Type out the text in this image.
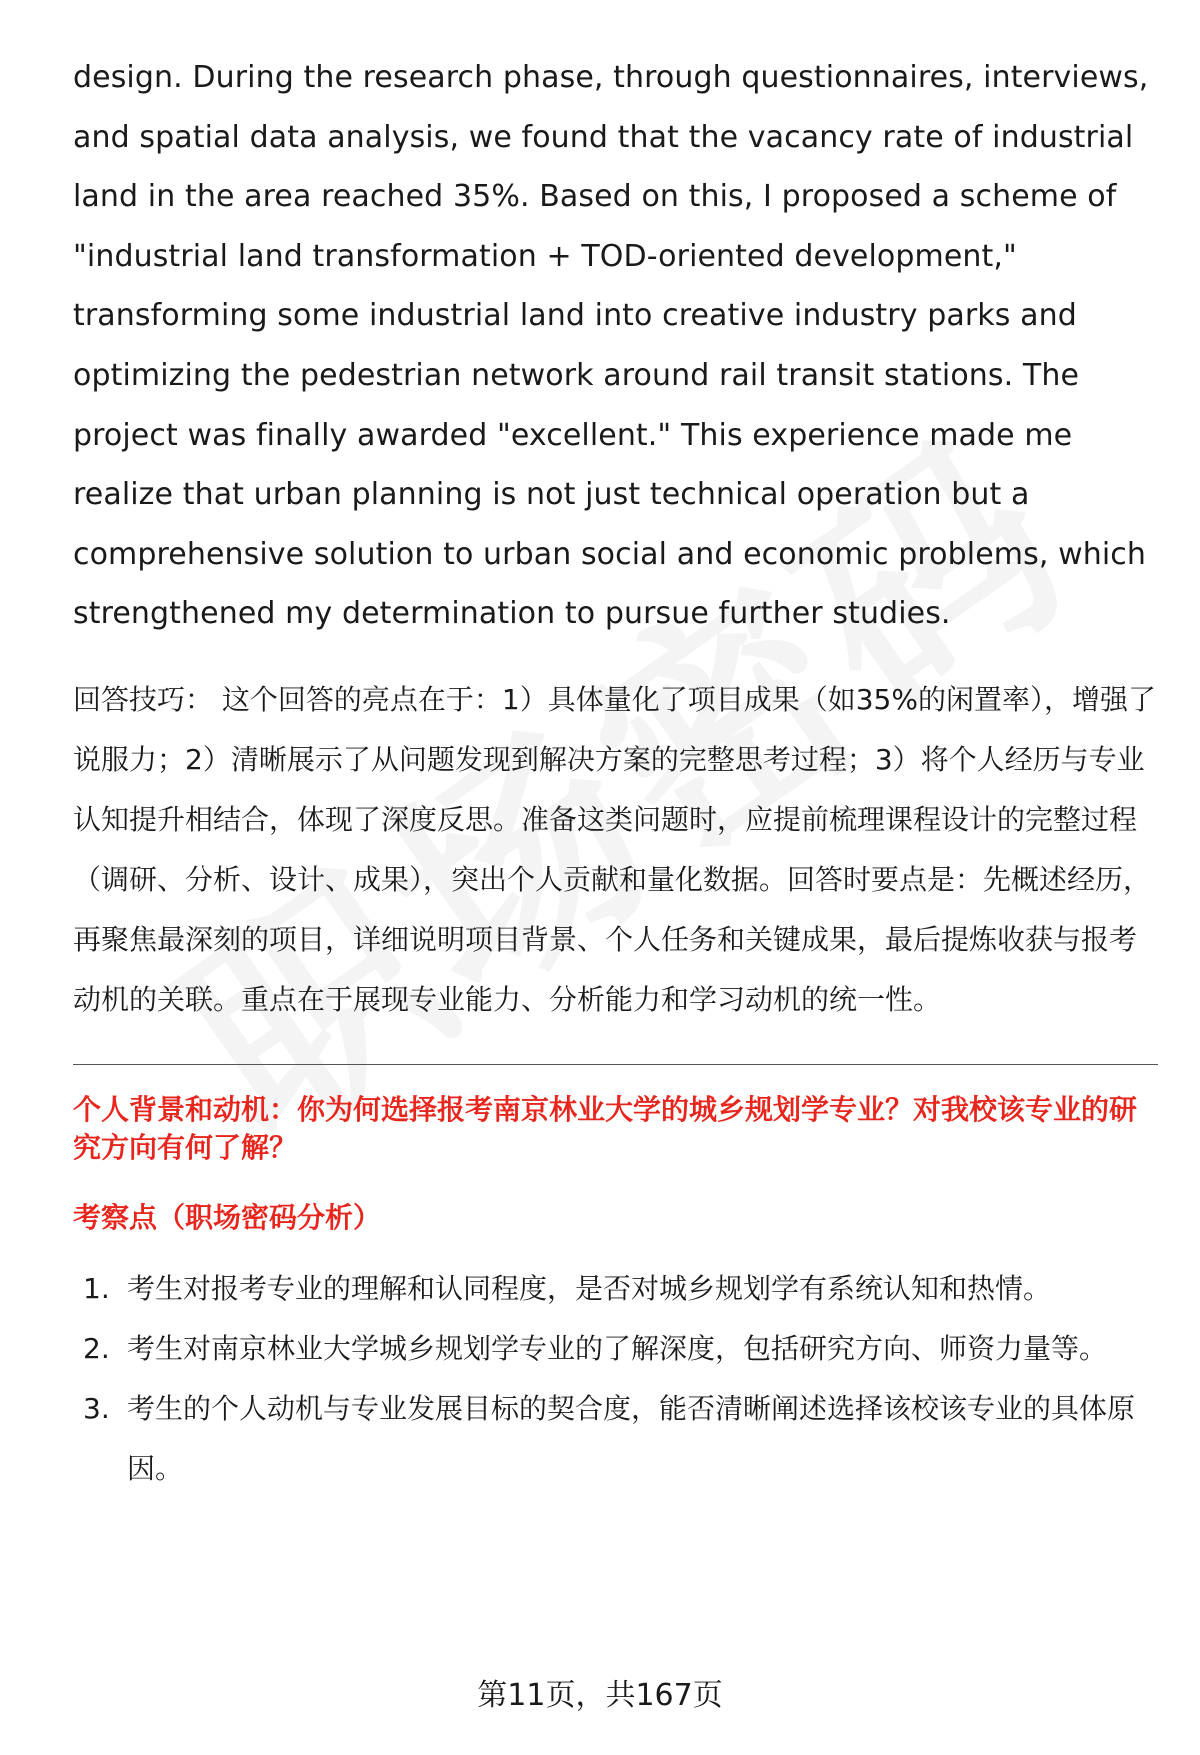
design. During the research phase, through questionnaires, interviews, and spatial data analysis, we found that the vacancy rate of industrial land in the area reached 35%. Based on this, I proposed a scheme of "industrial land transformation + TOD-oriented development," transforming some industrial land into creative industry parks and optimizing the pedestrian network around rail transit stations. The project was finally awarded "excellent." This experience made me realize that urban planning is not just technical operation but a comprehensive solution to urban social and economic problems, which strengthened my determination to pursue further studies.

回答技巧： 这个回答的亮点在于：1）具体量化了项目成果（如35%的闲置率），增强了说服力；2）清晰展示了从问题发现到解决方案的完整思考过程；3）将个人经历与专业认知提升相结合，体现了深度反思。准备这类问题时，应提前梳理课程设计的完整过程（调研、分析、设计、成果），突出个人贡献和量化数据。回答时要点是：先概述经历，再聚焦最深刻的项目，详细说明项目背景、个人任务和关键成果，最后提炼收获与报考动机的关联。重点在于展现专业能力、分析能力和学习动机的统一性。

个人背景和动机：你为何选择报考南京林业大学的城乡规划学专业？对我校该专业的研究方向有何了解？
考察点（职场密码分析）
1. 考生对报考专业的理解和认同程度，是否对城乡规划学有系统认知和热情。
2. 考生对南京林业大学城乡规划学专业的了解深度，包括研究方向、师资力量等。
3. 考生的个人动机与专业发展目标的契合度，能否清晰阐述选择该校该专业的具体原因。
第11页，共167页
